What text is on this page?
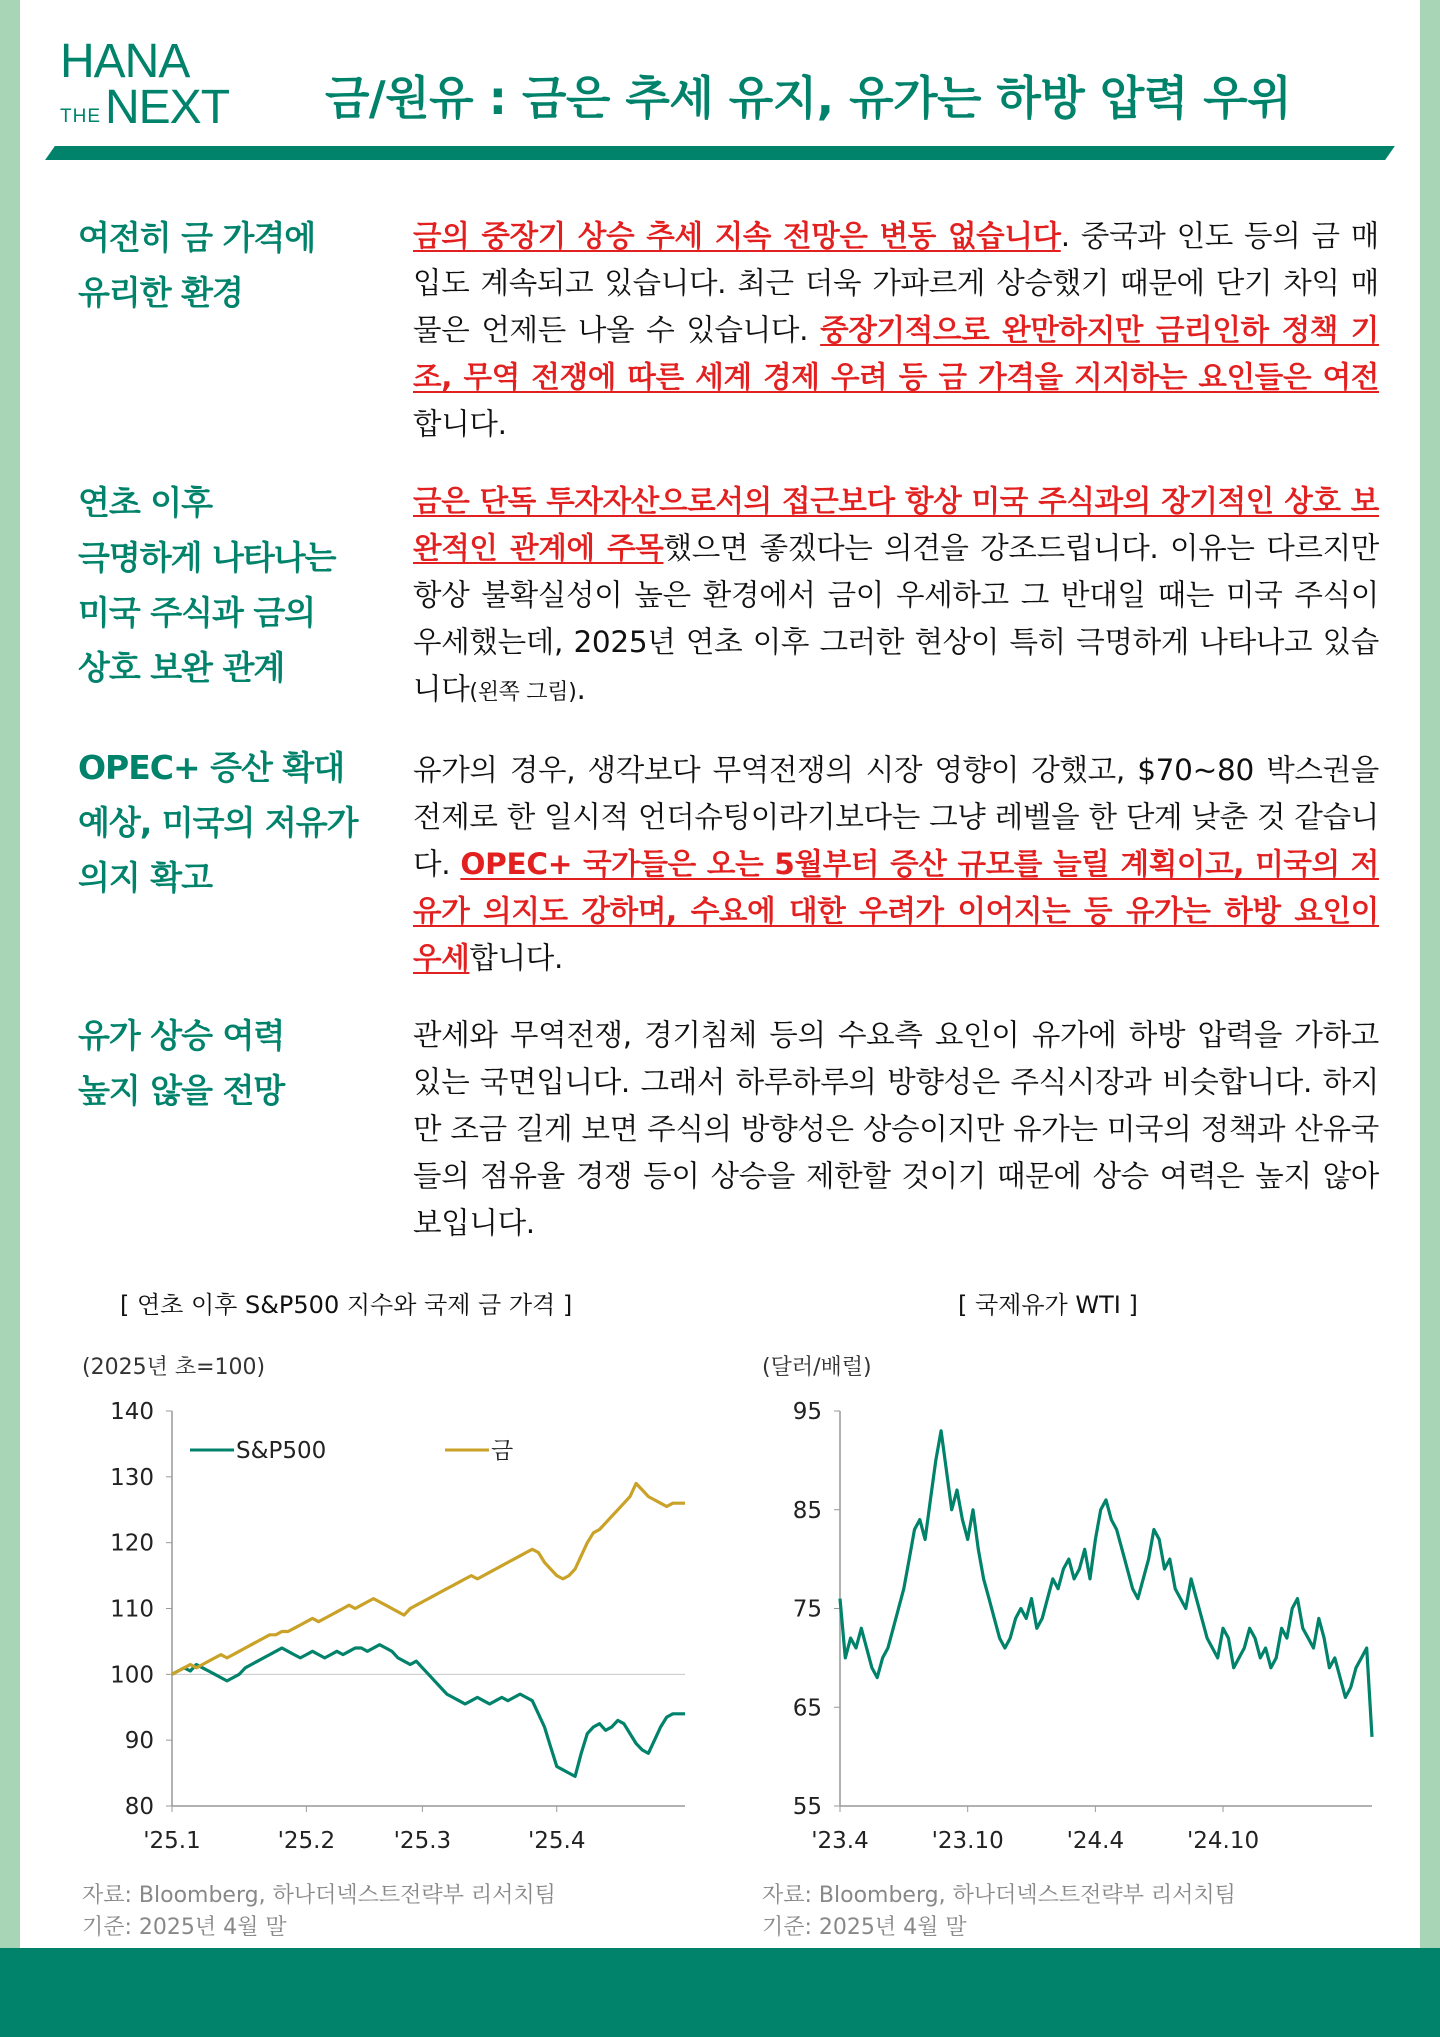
HANA
THE NEXT 금/원유 : 금은 추세 유지, 유가는 하방 압력 우위
여전히 금 가격에
유리한 환경
금의 중장기 상승 추세 지속 전망은 변동 없습니다. 중국과 인도 등의 금 매입도 계속되고 있습니다. 최근 더욱 가파르게 상승했기 때문에 단기 차익 매물은 언제든 나올 수 있습니다. 중장기적으로 완만하지만 금리인하 정책 기조, 무역 전쟁에 따른 세계 경제 우려 등 금 가격을 지지하는 요인들은 여전합니다.
연초 이후
극명하게 나타나는
미국 주식과 금의
상호 보완 관계
금은 단독 투자자산으로서의 접근보다 항상 미국 주식과의 장기적인 상호 보완적인 관계에 주목했으면 좋겠다는 의견을 강조드립니다. 이유는 다르지만 항상 불확실성이 높은 환경에서 금이 우세하고 그 반대일 때는 미국 주식이 우세했는데, 2025년 연초 이후 그러한 현상이 특히 극명하게 나타나고 있습니다(왼쪽 그림).
OPEC+ 증산 확대
예상, 미국의 저유가
의지 확고
유가의 경우, 생각보다 무역전쟁의 시장 영향이 강했고, $70~80 박스권을 전제로 한 일시적 언더슈팅이라기보다는 그냥 레벨을 한 단계 낮춘 것 같습니다. OPEC+ 국가들은 오는 5월부터 증산 규모를 늘릴 계획이고, 미국의 저유가 의지도 강하며, 수요에 대한 우려가 이어지는 등 유가는 하방 요인이 우세합니다.
유가 상승 여력
높지 않을 전망
관세와 무역전쟁, 경기침체 등의 수요측 요인이 유가에 하방 압력을 가하고 있는 국면입니다. 그래서 하루하루의 방향성은 주식시장과 비슷합니다. 하지만 조금 길게 보면 주식의 방향성은 상승이지만 유가는 미국의 정책과 산유국들의 점유율 경쟁 등이 상승을 제한할 것이기 때문에 상승 여력은 높지 않아 보입니다.
[ 연초 이후 S&P500 지수와 국제 금 가격 ]
(2025년 초=100)
80
90
100
110
120
130
140
'25.1	'25.2	'25.3	'25.4
S&P500	금
자료: Bloomberg, 하나더넥스트전략부 리서치팀
기준: 2025년 4월 말
[ 국제유가 WTI ]
(달러/배럴)
55
65
75
85
95
'23.4	'23.10	'24.4	'24.10
자료: Bloomberg, 하나더넥스트전략부 리서치팀
기준: 2025년 4월 말
